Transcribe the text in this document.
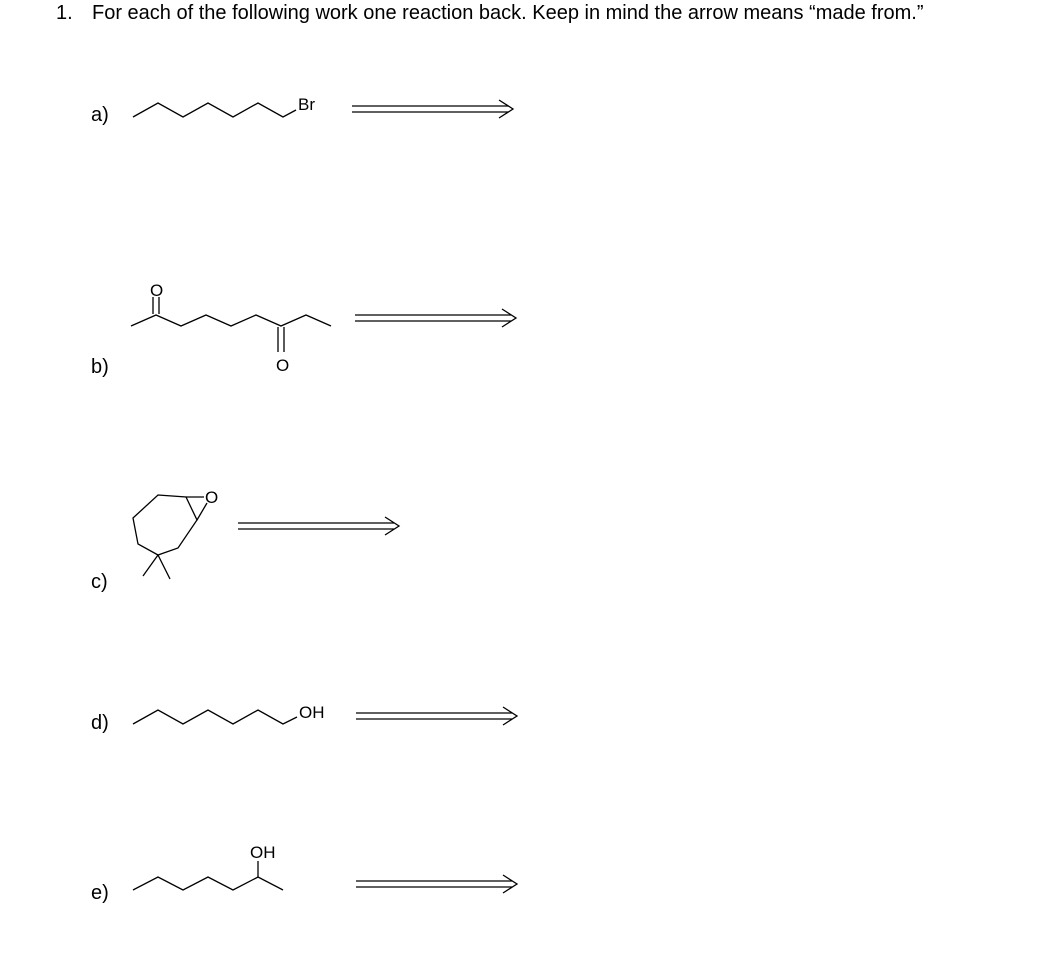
1. For each of the following work one reaction back. Keep in mind the arrow means “made from.”
a)
b)
c)
d)
e)
Br
O
O
O
OH
OH
